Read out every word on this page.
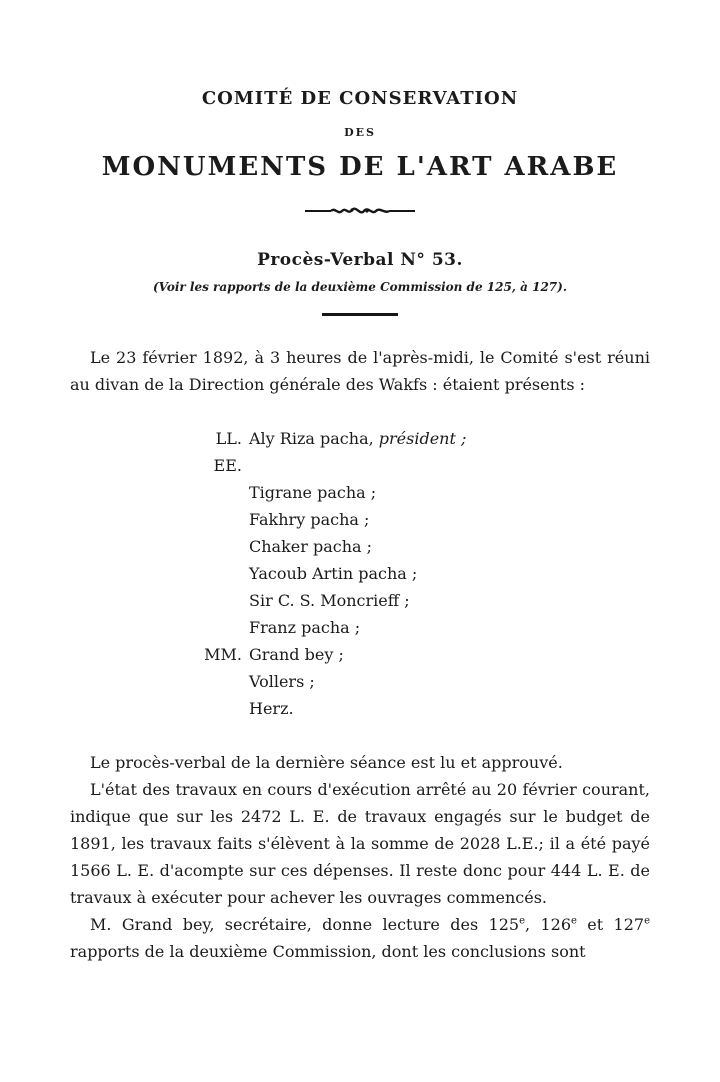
COMITÉ DE CONSERVATION
DES
MONUMENTS DE L'ART ARABE
Procès-Verbal N° 53.
(Voir les rapports de la deuxième Commission de 125, à 127).

Le 23 février 1892, à 3 heures de l'après-midi, le Comité s'est réuni au divan de la Direction générale des Wakfs : étaient présents :

LL. EE.
Aly Riza pacha, président ;
Tigrane pacha ;
Fakhry pacha ;
Chaker pacha ;
Yacoub Artin pacha ;
Sir C. S. Moncrieff ;
Franz pacha ;
MM. Grand bey ;
Vollers ;
Herz.

Le procès-verbal de la dernière séance est lu et approuvé.

L'état des travaux en cours d'exécution arrêté au 20 février courant, indique que sur les 2472 L. E. de travaux engagés sur le budget de 1891, les travaux faits s'élèvent à la somme de 2028 L.E.; il a été payé 1566 L. E. d'acompte sur ces dépenses. Il reste donc pour 444 L. E. de travaux à exécuter pour achever les ouvrages commencés.

M. Grand bey, secrétaire, donne lecture des 125e, 126e et 127e rapports de la deuxième Commission, dont les conclusions sont
